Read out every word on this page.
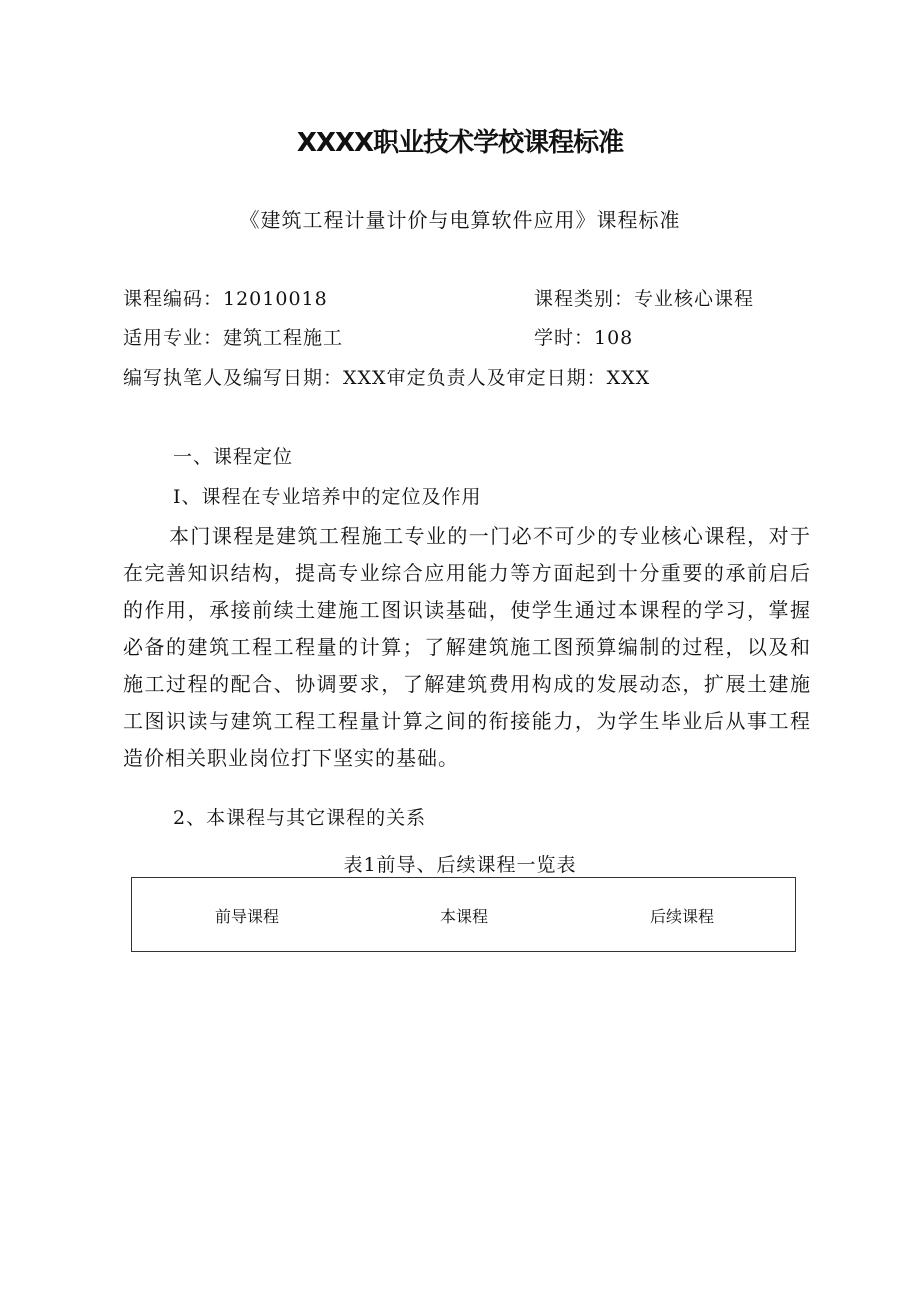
XXXX职业技术学校课程标准
《建筑工程计量计价与电算软件应用》课程标准
课程编码：12010018	课程类别：专业核心课程
适用专业：建筑工程施工	学时：108
编写执笔人及编写日期：XXX审定负责人及审定日期：XXX
一、课程定位
I、课程在专业培养中的定位及作用

本门课程是建筑工程施工专业的一门必不可少的专业核心课程，对于在完善知识结构，提高专业综合应用能力等方面起到十分重要的承前启后的作用，承接前续土建施工图识读基础，使学生通过本课程的学习，掌握必备的建筑工程工程量的计算；了解建筑施工图预算编制的过程，以及和施工过程的配合、协调要求，了解建筑费用构成的发展动态，扩展土建施工图识读与建筑工程工程量计算之间的衔接能力，为学生毕业后从事工程造价相关职业岗位打下坚实的基础。

2、本课程与其它课程的关系
表1前导、后续课程一览表
前导课程	本课程	后续课程
